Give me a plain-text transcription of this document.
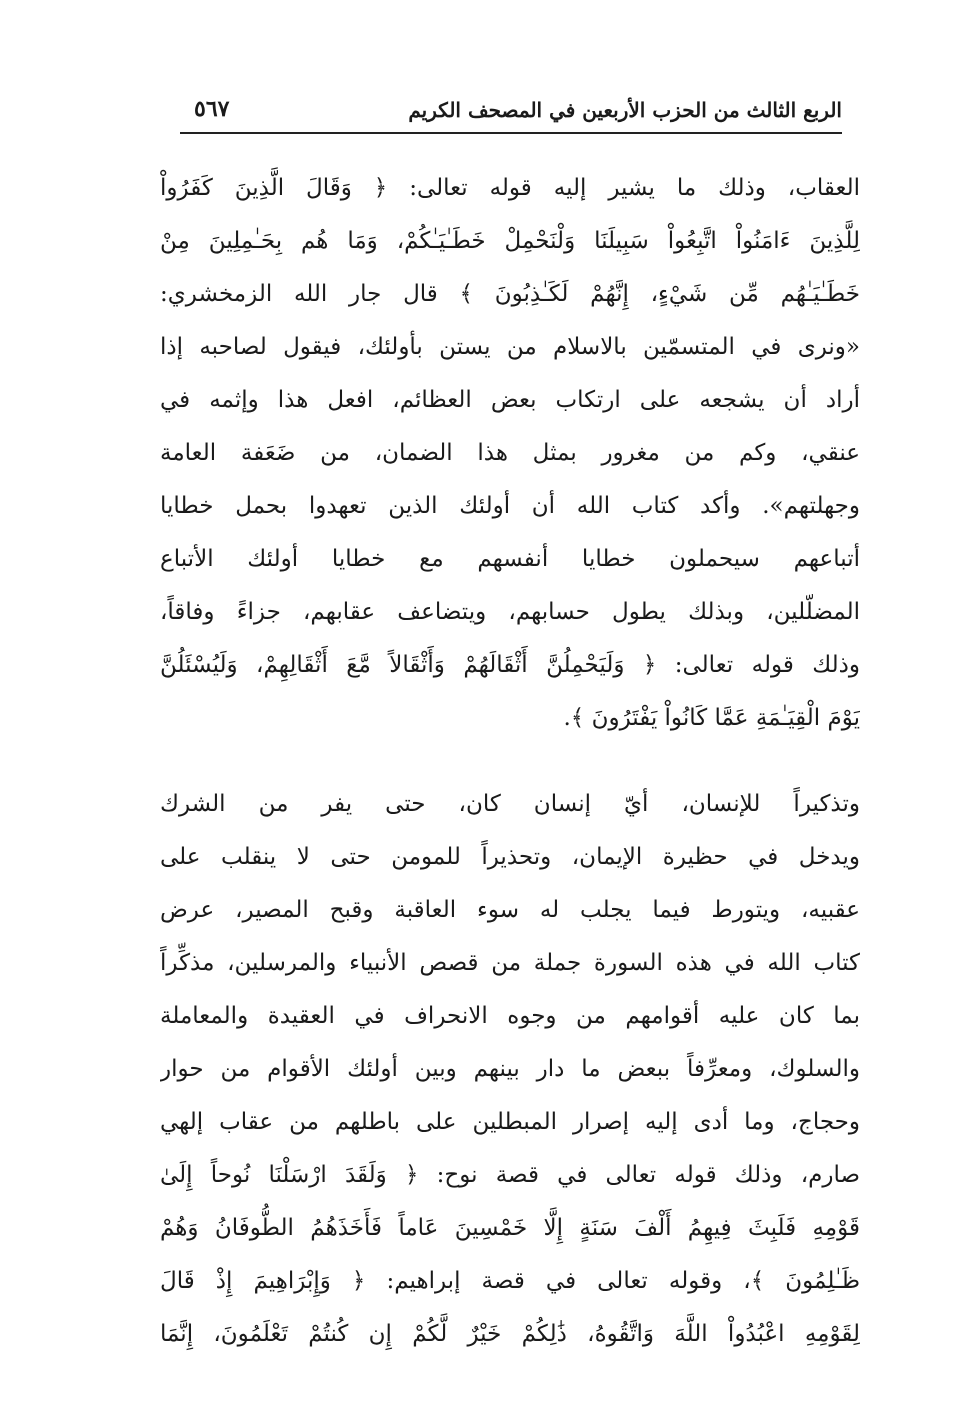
الربع الثالث من الحزب الأربعين في المصحف الكريم
٥٦٧
العقاب، وذلك ما يشير إليه قوله تعالى: ﴿ وَقَالَ الَّذِينَ كَفَرُواْ
لِلَّذِينَ ءَامَنُواْ اتَّبِعُواْ سَبِيلَنَا وَلْنَحْمِلْ خَطَـٰيَـٰكُمْ، وَمَا هُم بِحَـٰمِلِينَ مِنْ
خَطَـٰيَـٰهُم مِّن شَيْءٍ، إِنَّهُمْ لَكَـٰذِبُونَ ﴾ قال جار الله الزمخشري:
«ونرى في المتسمّين بالاسلام من يستن بأولئك، فيقول لصاحبه إذا
أراد أن يشجعه على ارتكاب بعض العظائم، افعل هذا وإثمه في
عنقي، وكم من مغرور بمثل هذا الضمان، من ضَعَفة العامة
وجهلتهم». وأكد كتاب الله أن أولئك الذين تعهدوا بحمل خطايا
أتباعهم سيحملون خطايا أنفسهم مع خطايا أولئك الأتباع
المضلّلين، وبذلك يطول حسابهم، ويتضاعف عقابهم، جزاءً وفاقاً،
وذلك قوله تعالى: ﴿ وَلَيَحْمِلُنَّ أَثْقَالَهُمْ وَأَثْقَالاً مَّعَ أَثْقَالِهِمْ، وَلَيُسْئَلُنَّ
يَوْمَ الْقِيَـٰمَةِ عَمَّا كَانُواْ يَفْتَرُونَ ﴾.
وتذكيراً للإنسان، أيّ إنسان كان، حتى يفر من الشرك
ويدخل في حظيرة الإيمان، وتحذيراً للمومن حتى لا ينقلب على
عقبيه، ويتورط فيما يجلب له سوء العاقبة وقبح المصير، عرض
كتاب الله في هذه السورة جملة من قصص الأنبياء والمرسلين، مذكِّراً
بما كان عليه أقوامهم من وجوه الانحراف في العقيدة والمعاملة
والسلوك، ومعرِّفاً ببعض ما دار بينهم وبين أولئك الأقوام من حوار
وحجاج، وما أدى إليه إصرار المبطلين على باطلهم من عقاب إلهي
صارم، وذلك قوله تعالى في قصة نوح: ﴿ وَلَقَدَ ارْسَلْنَا نُوحاً إِلَىٰ
قَوْمِهِ فَلَبِثَ فِيهِمُ أَلْفَ سَنَةٍ إِلَّا خَمْسِينَ عَاماً فَأَخَذَهُمُ الطُّوفَانُ وَهُمْ
ظَـٰلِمُونَ ﴾، وقوله تعالى في قصة إبراهيم: ﴿ وَإِبْرَاهِيمَ إِذْ قَالَ
لِقَوْمِهِ اعْبُدُواْ اللَّهَ وَاتَّقُوهُ، ذَٰلِكُمْ خَيْرٌ لَّكُمْ إِن كُنتُمْ تَعْلَمُونَ، إِنَّمَا
